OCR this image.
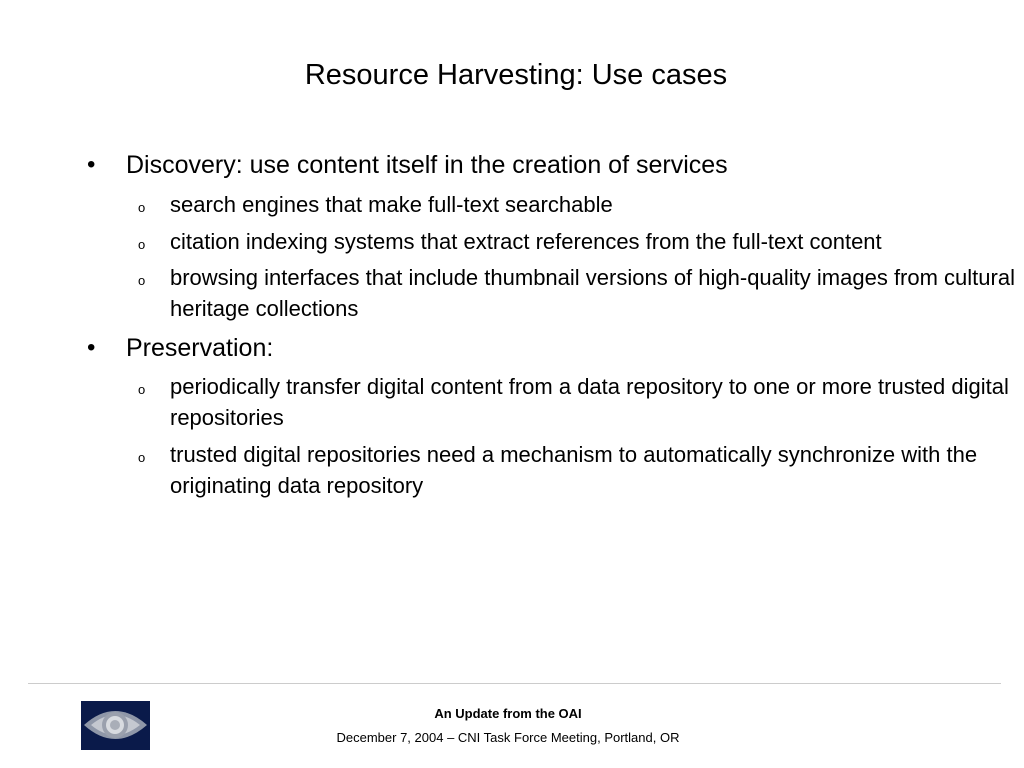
Resource Harvesting: Use cases
• Discovery: use content itself in the creation of services
o search engines that make full-text searchable
o citation indexing systems that extract references from the full-text content
o browsing interfaces that include thumbnail versions of high-quality images from cultural heritage collections
• Preservation:
o periodically transfer digital content from a data repository to one or more trusted digital repositories
o trusted digital repositories need a mechanism to automatically synchronize with the originating data repository
An Update from the OAI
December 7, 2004 – CNI Task Force Meeting, Portland, OR
